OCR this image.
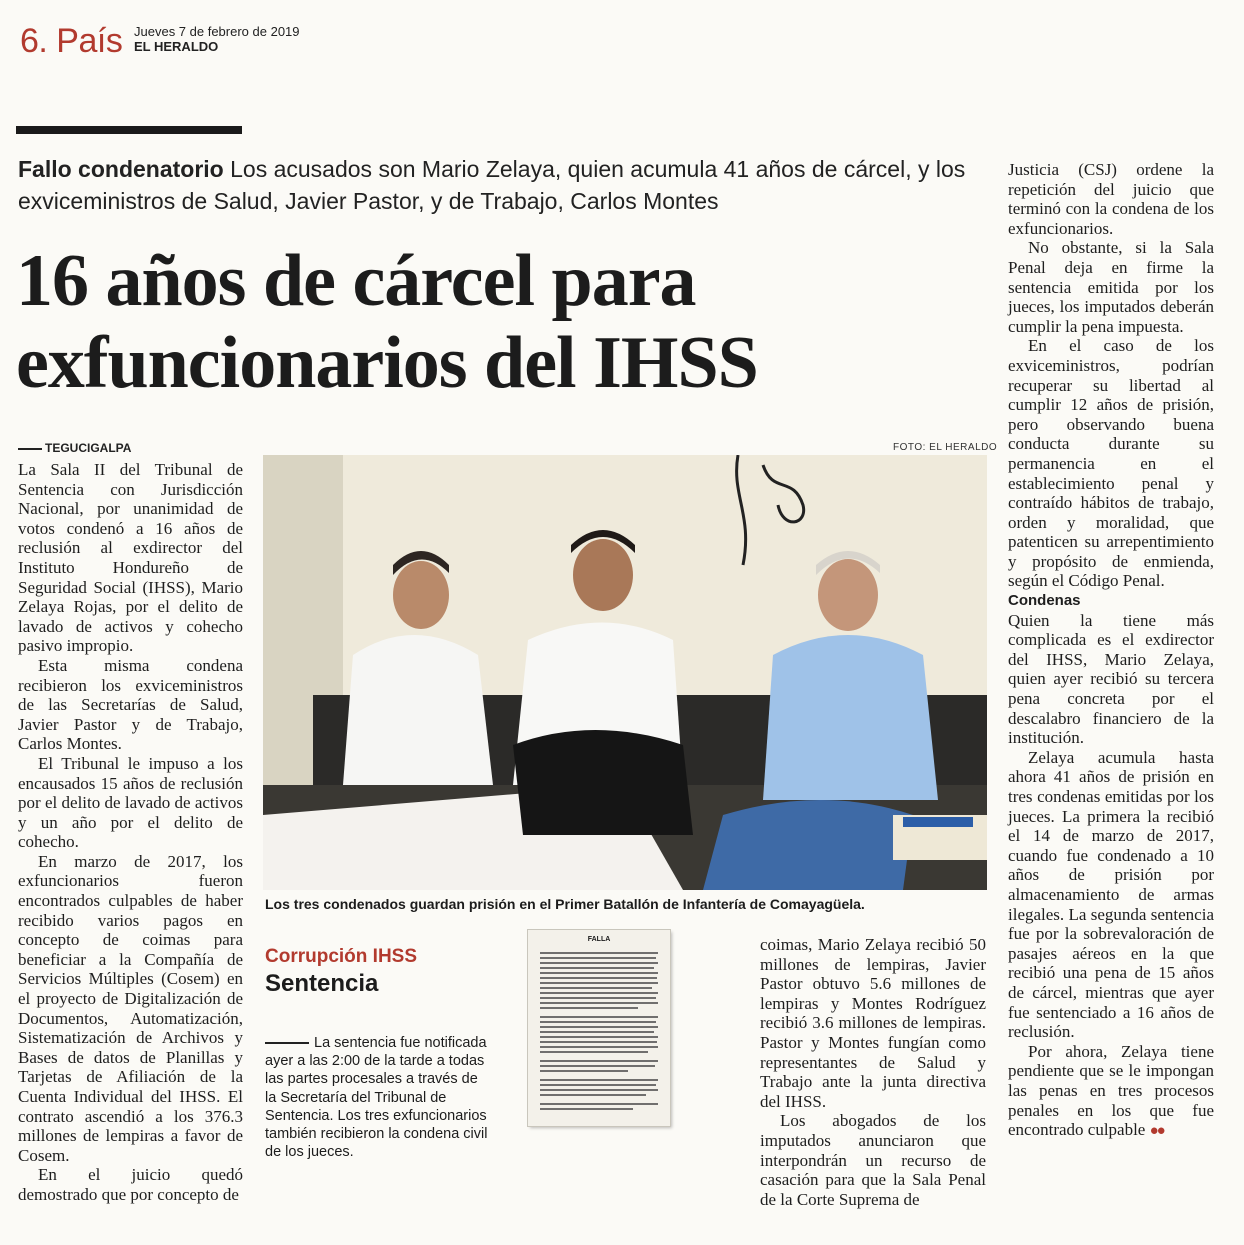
6. País Jueves 7 de febrero de 2019
EL HERALDO
Fallo condenatorio Los acusados son Mario Zelaya, quien acumula 41 años de cárcel, y los exviceministros de Salud, Javier Pastor, y de Trabajo, Carlos Montes
16 años de cárcel para exfuncionarios del IHSS
TEGUCIGALPA	FOTO: EL HERALDO

La Sala II del Tribunal de Sentencia con Jurisdicción Nacional, por unanimidad de votos condenó a 16 años de reclusión al exdirector del Instituto Hondureño de Seguridad Social (IHSS), Mario Zelaya Rojas, por el delito de lavado de activos y cohecho pasivo impropio.

Esta misma condena recibieron los exviceministros de las Secretarías de Salud, Javier Pastor y de Trabajo, Carlos Montes.

El Tribunal le impuso a los encausados 15 años de reclusión por el delito de lavado de activos y un año por el delito de cohecho.

En marzo de 2017, los exfuncionarios fueron encontrados culpables de haber recibido varios pagos en concepto de coimas para beneficiar a la Compañía de Servicios Múltiples (Cosem) en el proyecto de Digitalización de Documentos, Automatización, Sistematización de Archivos y Bases de datos de Planillas y Tarjetas de Afiliación de la Cuenta Individual del IHSS. El contrato ascendió a los 376.3 millones de lempiras a favor de Cosem.

En el juicio quedó demostrado que por concepto de

Los tres condenados guardan prisión en el Primer Batallón de Infantería de Comayagüela.
Corrupción IHSS
Sentencia
La sentencia fue notificada ayer a las 2:00 de la tarde a todas las partes procesales a través de la Secretaría del Tribunal de Sentencia. Los tres exfuncionarios también recibieron la condena civil de los jueces.
FALLA	coimas, Mario Zelaya recibió 50 millones de lempiras, Javier Pastor obtuvo 5.6 millones de lempiras y Montes Rodríguez recibió 3.6 millones de lempiras. Pastor y Montes fungían como representantes de Salud y Trabajo ante la junta directiva del IHSS.

Los abogados de los imputados anunciaron que interpondrán un recurso de casación para que la Sala Penal de la Corte Suprema de

Justicia (CSJ) ordene la repetición del juicio que terminó con la condena de los exfuncionarios.

No obstante, si la Sala Penal deja en firme la sentencia emitida por los jueces, los imputados deberán cumplir la pena impuesta.

En el caso de los exviceministros, podrían recuperar su libertad al cumplir 12 años de prisión, pero observando buena conducta durante su permanencia en el establecimiento penal y contraído hábitos de trabajo, orden y moralidad, que patenticen su arrepentimiento y propósito de enmienda, según el Código Penal.

Condenas

Quien la tiene más complicada es el exdirector del IHSS, Mario Zelaya, quien ayer recibió su tercera pena concreta por el descalabro financiero de la institución.

Zelaya acumula hasta ahora 41 años de prisión en tres condenas emitidas por los jueces. La primera la recibió el 14 de marzo de 2017, cuando fue condenado a 10 años de prisión por almacenamiento de armas ilegales. La segunda sentencia fue por la sobrevaloración de pasajes aéreos en la que recibió una pena de 15 años de cárcel, mientras que ayer fue sentenciado a 16 años de reclusión.

Por ahora, Zelaya tiene pendiente que se le impongan las penas en tres procesos penales en los que fue encontrado culpable ●●
